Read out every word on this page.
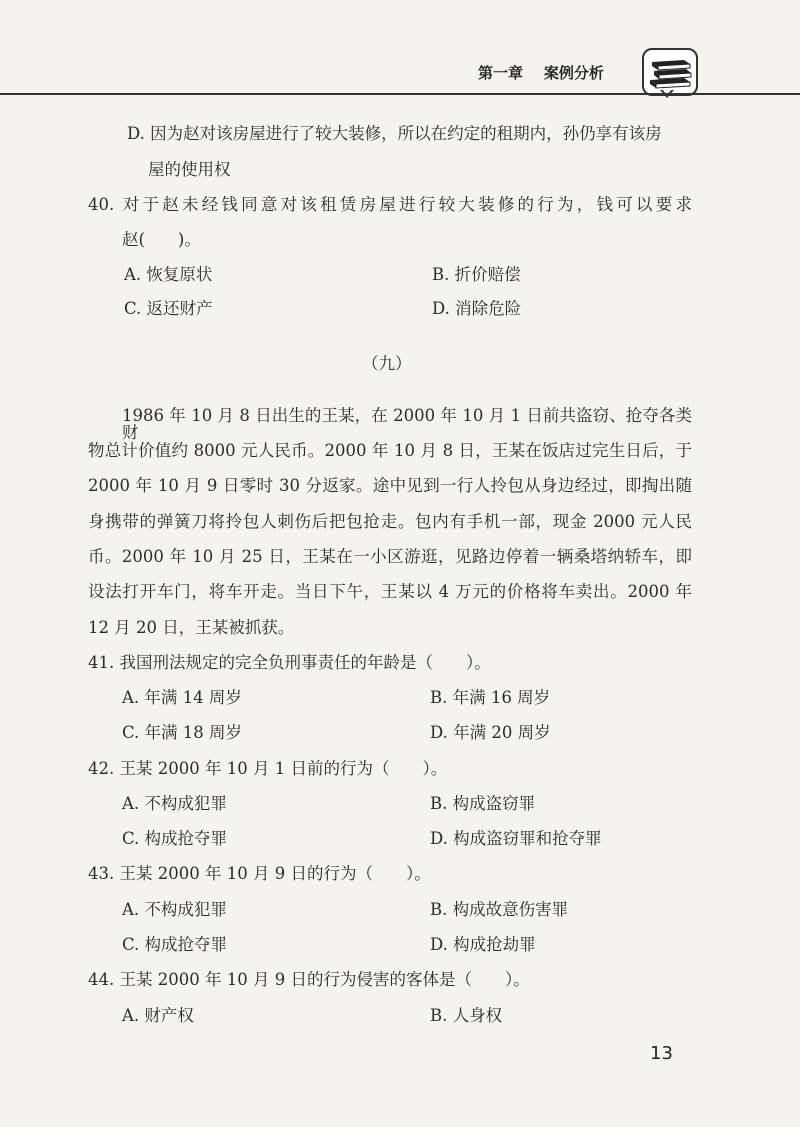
第一章 案例分析
D. 因为赵对该房屋进行了较大装修，所以在约定的租期内，孙仍享有该房
屋的使用权
40. 对于赵未经钱同意对该租赁房屋进行较大装修的行为，钱可以要求
赵(　　)。
A. 恢复原状	B. 折价赔偿
C. 返还财产	D. 消除危险
（九）
1986 年 10 月 8 日出生的王某，在 2000 年 10 月 1 日前共盗窃、抢夺各类财
物总计价值约 8000 元人民币。2000 年 10 月 8 日，王某在饭店过完生日后，于
2000 年 10 月 9 日零时 30 分返家。途中见到一行人拎包从身边经过，即掏出随
身携带的弹簧刀将拎包人刺伤后把包抢走。包内有手机一部，现金 2000 元人民
币。2000 年 10 月 25 日，王某在一小区游逛，见路边停着一辆桑塔纳轿车，即
设法打开车门，将车开走。当日下午，王某以 4 万元的价格将车卖出。2000 年
12 月 20 日，王某被抓获。
41. 我国刑法规定的完全负刑事责任的年龄是（　　）。
A. 年满 14 周岁	B. 年满 16 周岁
C. 年满 18 周岁	D. 年满 20 周岁
42. 王某 2000 年 10 月 1 日前的行为（　　）。
A. 不构成犯罪	B. 构成盗窃罪
C. 构成抢夺罪	D. 构成盗窃罪和抢夺罪
43. 王某 2000 年 10 月 9 日的行为（　　）。
A. 不构成犯罪	B. 构成故意伤害罪
C. 构成抢夺罪	D. 构成抢劫罪
44. 王某 2000 年 10 月 9 日的行为侵害的客体是（　　）。
A. 财产权	B. 人身权
13
